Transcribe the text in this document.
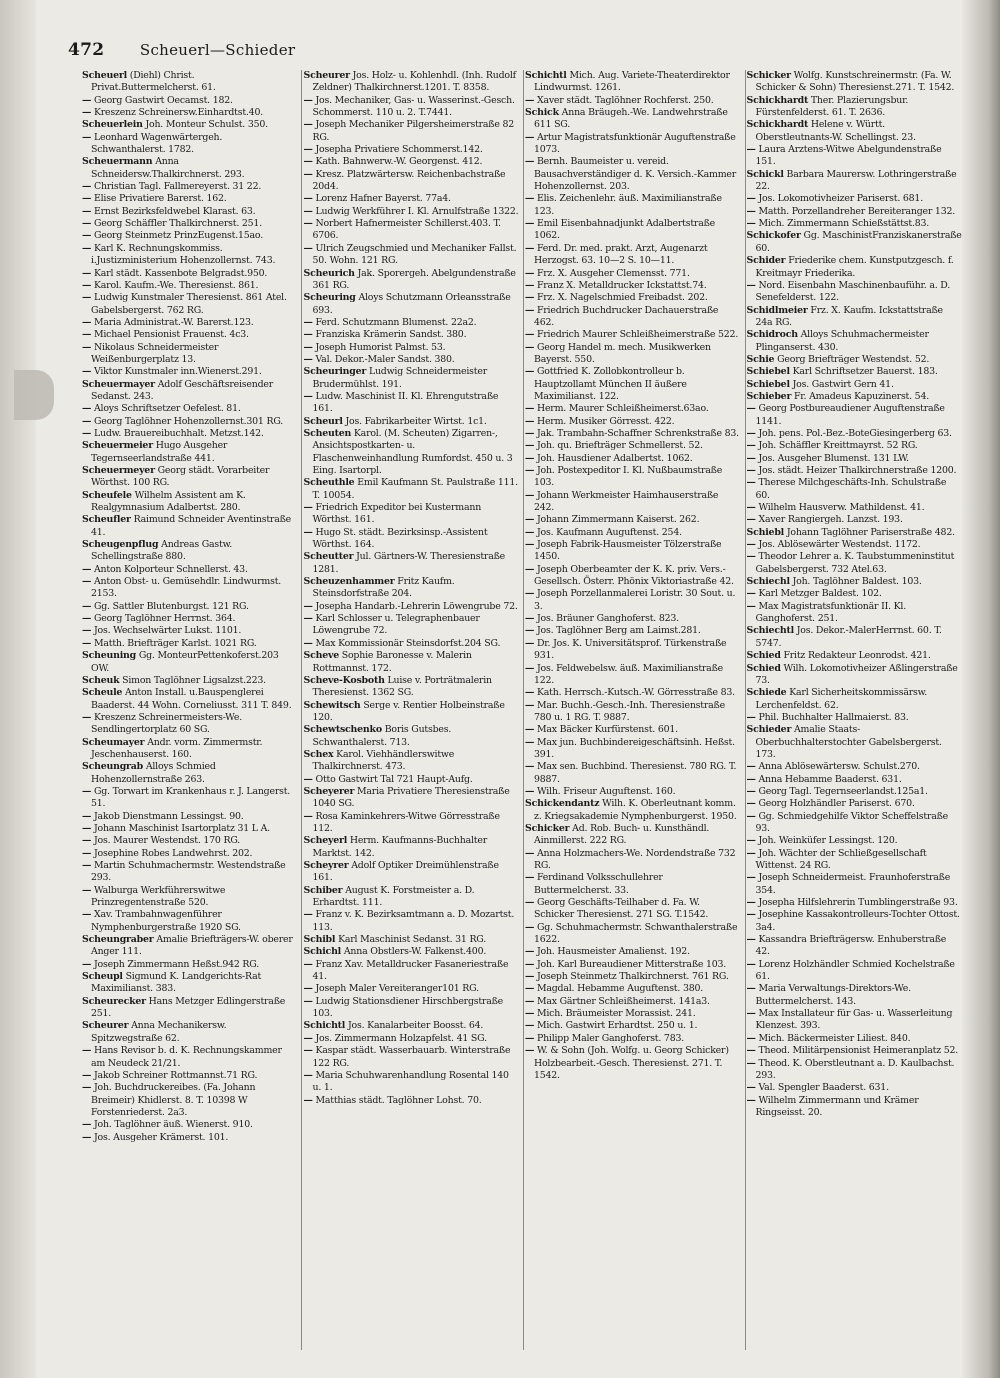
472 Scheuerl—Schieder

Scheuerl (Diehl) Christ. Privat.Buttermelcherst. 61.

— Georg Gastwirt Oecamst. 182.

— Kreszenz Schreinersw.Einhardtst.40.

Scheuerlein Joh. Monteur Schulst. 350.

— Leonhard Wagenwärtergeh. Schwanthalerst. 1782.

Scheuermann Anna Schneidersw.Thalkirchnerst. 293.

— Christian Tagl. Fallmereyerst. 31 22.

— Elise Privatiere Barerst. 162.

— Ernst Bezirksfeldwebel Klarast. 63.

— Georg Schäffler Thalkirchnerst. 251.

— Georg Steinmetz PrinzEugenst.15ao.

— Karl K. Rechnungskommiss. i.Justizministerium Hohenzollernst. 743.

— Karl städt. Kassenbote Belgradst.950.

— Karol. Kaufm.-We. Theresienst. 861.

— Ludwig Kunstmaler Theresienst. 861 Atel. Gabelsbergerst. 762 RG.

— Maria Administrat.-W. Barerst.123.

— Michael Pensionist Frauenst. 4c3.

— Nikolaus Schneidermeister Weißenburgerplatz 13.

— Viktor Kunstmaler inn.Wienerst.291.

Scheuermayer Adolf Geschäftsreisender Sedanst. 243.

— Aloys Schriftsetzer Oefelest. 81.

— Georg Taglöhner Hohenzollernst.301 RG.

— Ludw. Brauereibuchhalt. Metzst.142.

Scheuermeier Hugo Ausgeher Tegernseerlandstraße 441.

Scheuermeyer Georg städt. Vorarbeiter Wörthst. 100 RG.

Scheufele Wilhelm Assistent am K. Realgymnasium Adalbertst. 280.

Scheufler Raimund Schneider Aventinstraße 41.

Scheugenpflug Andreas Gastw. Schellingstraße 880.

— Anton Kolporteur Schnellerst. 43.

— Anton Obst- u. Gemüsehdlr. Lindwurmst. 2153.

— Gg. Sattler Blutenburgst. 121 RG.

— Georg Taglöhner Herrnst. 364.

— Jos. Wechselwärter Lukst. 1101.

— Matth. Briefträger Karlst. 1021 RG.

Scheuning Gg. MonteurPettenkoferst.203 OW.

Scheuk Simon Taglöhner Ligsalzst.223.

Scheule Anton Install. u.Bauspenglerei Baaderst. 44 Wohn. Corneliusst. 311 T. 849.

— Kreszenz Schreinermeisters-We. Sendlingertorplatz 60 SG.

Scheumayer Andr. vorm. Zimmermstr. Jeschenhauserst. 160.

Scheungrab Alloys Schmied Hohenzollernstraße 263.

— Gg. Torwart im Krankenhaus r. J. Langerst. 51.

— Jakob Dienstmann Lessingst. 90.

— Johann Maschinist Isartorplatz 31 L A.

— Jos. Maurer Westendst. 170 RG.

— Josephine Robes Landwehrst. 202.

— Martin Schuhmachermstr. Westendstraße 293.

— Walburga Werkführerswitwe Prinzregentenstraße 520.

— Xav. Trambahnwagenführer Nymphenburgerstraße 1920 SG.

Scheungraber Amalie Briefträgers-W. oberer Anger 111.

— Joseph Zimmermann Heßst.942 RG.

Scheupl Sigmund K. Landgerichts-Rat Maximilianst. 383.

Scheurecker Hans Metzger Edlingerstraße 251.

Scheurer Anna Mechanikersw. Spitzwegstraße 62.

— Hans Revisor b. d. K. Rechnungskammer am Neudeck 21/21.

— Jakob Schreiner Rottmannst.71 RG.

— Joh. Buchdruckereibes. (Fa. Johann Breimeir) Khidlerst. 8. T. 10398 W Forstenriederst. 2a3.

— Joh. Taglöhner äuß. Wienerst. 910.

— Jos. Ausgeher Krämerst. 101.

Scheurer Jos. Holz- u. Kohlenhdl. (Inh. Rudolf Zeldner) Thalkirchnerst.1201. T. 8358.

— Jos. Mechaniker, Gas- u. Wasserinst.-Gesch. Schommerst. 110 u. 2. T.7441.

— Joseph Mechaniker Pilgersheimerstraße 82 RG.

— Josepha Privatiere Schommerst.142.

— Kath. Bahnwerw.-W. Georgenst. 412.

— Kresz. Platzwärtersw. Reichenbachstraße 20d4.

— Lorenz Hafner Bayerst. 77a4.

— Ludwig Werkführer I. Kl. Arnulfstraße 1322.

— Norbert Hafnermeister Schillerst.403. T. 6706.

— Ulrich Zeugschmied und Mechaniker Fallst. 50. Wohn. 121 RG.

Scheurich Jak. Sporergeh. Abelgundenstraße 361 RG.

Scheuring Aloys Schutzmann Orleansstraße 693.

— Ferd. Schutzmann Blumenst. 22a2.

— Franziska Krämerin Sandst. 380.

— Joseph Humorist Palmst. 53.

— Val. Dekor.-Maler Sandst. 380.

Scheuringer Ludwig Schneidermeister Brudermühlst. 191.

— Ludw. Maschinist II. Kl. Ehrengutstraße 161.

Scheurl Jos. Fabrikarbeiter Wirtst. 1c1.

Scheuten Karol. (M. Scheuten) Zigarren-, Ansichtspostkarten- u. Flaschenweinhandlung Rumfordst. 450 u. 3 Eing. Isartorpl.

Scheuthle Emil Kaufmann St. Paulstraße 111. T. 10054.

— Friedrich Expeditor bei Kustermann Wörthst. 161.

— Hugo St. städt. Bezirksinsp.-Assistent Wörthst. 164.

Scheutter Jul. Gärtners-W. Theresienstraße 1281.

Scheuzenhammer Fritz Kaufm. Steinsdorfstraße 204.

— Josepha Handarb.-Lehrerin Löwengrube 72.

— Karl Schlosser u. Telegraphenbauer Löwengrube 72.

— Max Kommissionär Steinsdorfst.204 SG.

Scheve Sophie Baronesse v. Malerin Rottmannst. 172.

Scheve-Kosboth Luise v. Porträtmalerin Theresienst. 1362 SG.

Schewitsch Serge v. Rentier Holbeinstraße 120.

Schewtschenko Boris Gutsbes. Schwanthalerst. 713.

Schex Karol. Viehhändlerswitwe Thalkirchnerst. 473.

— Otto Gastwirt Tal 721 Haupt-Aufg.

Scheyerer Maria Privatiere Theresienstraße 1040 SG.

— Rosa Kaminkehrers-Witwe Görresstraße 112.

Scheyerl Herm. Kaufmanns-Buchhalter Marktst. 142.

Scheyrer Adolf Optiker Dreimühlenstraße 161.

Schiber August K. Forstmeister a. D. Erhardtst. 111.

— Franz v. K. Bezirksamtmann a. D. Mozartst. 113.

Schibl Karl Maschinist Sedanst. 31 RG.

Schichl Anna Obstlers-W. Falkenst.400.

— Franz Xav. Metalldrucker Fasaneriestraße 41.

— Joseph Maler Vereiteranger101 RG.

— Ludwig Stationsdiener Hirschbergstraße 103.

Schichtl Jos. Kanalarbeiter Boosst. 64.

— Jos. Zimmermann Holzapfelst. 41 SG.

— Kaspar städt. Wasserbauarb. Winterstraße 122 RG.

— Maria Schuhwarenhandlung Rosental 140 u. 1.

— Matthias städt. Taglöhner Lohst. 70.

Schichtl Mich. Aug. Variete-Theaterdirektor Lindwurmst. 1261.

— Xaver städt. Taglöhner Rochferst. 250.

Schick Anna Bräugeh.-We. Landwehrstraße 611 SG.

— Artur Magistratsfunktionär Auguftenstraße 1073.

— Bernh. Baumeister u. vereid. Bausachverständiger d. K. Versich.-Kammer Hohenzollernst. 203.

— Elis. Zeichenlehr. äuß. Maximilianstraße 123.

— Emil Eisenbahnadjunkt Adalbertstraße 1062.

— Ferd. Dr. med. prakt. Arzt, Augenarzt Herzogst. 63. 10—2 S. 10—11.

— Frz. X. Ausgeher Clemensst. 771.

— Franz X. Metalldrucker Ickstattst.74.

— Frz. X. Nagelschmied Freibadst. 202.

— Friedrich Buchdrucker Dachauerstraße 462.

— Friedrich Maurer Schleißheimerstraße 522.

— Georg Handel m. mech. Musikwerken Bayerst. 550.

— Gottfried K. Zollobkontrolleur b. Hauptzollamt München II äußere Maximilianst. 122.

— Herm. Maurer Schleißheimerst.63ao.

— Herm. Musiker Görresst. 422.

— Jak. Trambahn-Schaffner Schrenkstraße 83.

— Joh. qu. Briefträger Schmellerst. 52.

— Joh. Hausdiener Adalbertst. 1062.

— Joh. Postexpeditor I. Kl. Nußbaumstraße 103.

— Johann Werkmeister Haimhauserstraße 242.

— Johann Zimmermann Kaiserst. 262.

— Jos. Kaufmann Auguftenst. 254.

— Joseph Fabrik-Hausmeister Tölzerstraße 1450.

— Joseph Oberbeamter der K. K. priv. Vers.-Gesellsch. Österr. Phönix Viktoriastraße 42.

— Joseph Porzellanmalerei Loristr. 30 Sout. u. 3.

— Jos. Bräuner Ganghoferst. 823.

— Jos. Taglöhner Berg am Laimst.281.

— Dr. Jos. K. Universitätsprof. Türkenstraße 931.

— Jos. Feldwebelsw. äuß. Maximilianstraße 122.

— Kath. Herrsch.-Kutsch.-W. Görresstraße 83.

— Mar. Buchh.-Gesch.-Inh. Theresienstraße 780 u. 1 RG. T. 9887.

— Max Bäcker Kurfürstenst. 601.

— Max jun. Buchbindereigeschäftsinh. Heßst. 391.

— Max sen. Buchbind. Theresienst. 780 RG. T. 9887.

— Wilh. Friseur Auguftenst. 160.

Schickendantz Wilh. K. Oberleutnant komm. z. Kriegsakademie Nymphenburgerst. 1950.

Schicker Ad. Rob. Buch- u. Kunsthändl. Ainmillerst. 222 RG.

— Anna Holzmachers-We. Nordendstraße 732 RG.

— Ferdinand Volksschullehrer Buttermelcherst. 33.

— Georg Geschäfts-Teilhaber d. Fa. W. Schicker Theresienst. 271 SG. T.1542.

— Gg. Schuhmachermstr. Schwanthalerstraße 1622.

— Joh. Hausmeister Amalienst. 192.

— Joh. Karl Bureaudiener Mitterstraße 103.

— Joseph Steinmetz Thalkirchnerst. 761 RG.

— Magdal. Hebamme Auguftenst. 380.

— Max Gärtner Schleißheimerst. 141a3.

— Mich. Bräumeister Morassist. 241.

— Mich. Gastwirt Erhardtst. 250 u. 1.

— Philipp Maler Ganghoferst. 783.

— W. & Sohn (Joh. Wolfg. u. Georg Schicker) Holzbearbeit.-Gesch. Theresienst. 271. T. 1542.

Schicker Wolfg. Kunstschreinermstr. (Fa. W. Schicker & Sohn) Theresienst.271. T. 1542.

Schickhardt Ther. Plazierungsbur. Fürstenfelderst. 61. T. 2636.

Schickhardt Helene v. Württ. Oberstleutnants-W. Schellingst. 23.

— Laura Arztens-Witwe Abelgundenstraße 151.

Schickl Barbara Maurersw. Lothringerstraße 22.

— Jos. Lokomotivheizer Pariserst. 681.

— Matth. Porzellandreher Bereiteranger 132.

— Mich. Zimmermann Schießstättst.83.

Schickofer Gg. MaschinistFranziskanerstraße 60.

Schider Friederike chem. Kunstputzgesch. f. Kreitmayr Friederika.

— Nord. Eisenbahn Maschinenbauführ. a. D. Senefelderst. 122.

Schidlmeier Frz. X. Kaufm. Ickstattstraße 24a RG.

Schidroch Alloys Schuhmachermeister Plinganserst. 430.

Schie Georg Briefträger Westendst. 52.

Schiebel Karl Schriftsetzer Bauerst. 183.

Schiebel Jos. Gastwirt Gern 41.

Schieber Fr. Amadeus Kapuzinerst. 54.

— Georg Postbureaudiener Auguftenstraße 1141.

— Joh. pens. Pol.-Bez.-BoteGiesingerberg 63.

— Joh. Schäffler Kreittmayrst. 52 RG.

— Jos. Ausgeher Blumenst. 131 LW.

— Jos. städt. Heizer Thalkirchnerstraße 1200.

— Therese Milchgeschäfts-Inh. Schulstraße 60.

— Wilhelm Hausverw. Mathildenst. 41.

— Xaver Rangiergeh. Lanzst. 193.

Schiebl Johann Taglöhner Pariserstraße 482.

— Jos. Ablösewärter Westendst. 1172.

— Theodor Lehrer a. K. Taubstummeninstitut Gabelsbergerst. 732 Atel.63.

Schiechl Joh. Taglöhner Baldest. 103.

— Karl Metzger Baldest. 102.

— Max Magistratsfunktionär II. Kl. Ganghoferst. 251.

Schiechtl Jos. Dekor.-MalerHerrnst. 60. T. 5747.

Schied Fritz Redakteur Leonrodst. 421.

Schied Wilh. Lokomotivheizer Aßlingerstraße 73.

Schiede Karl Sicherheitskommissärsw. Lerchenfeldst. 62.

— Phil. Buchhalter Hallmaierst. 83.

Schieder Amalie Staats-Oberbuchhalterstochter Gabelsbergerst. 173.

— Anna Ablösewärtersw. Schulst.270.

— Anna Hebamme Baaderst. 631.

— Georg Tagl. Tegernseerlandst.125a1.

— Georg Holzhändler Pariserst. 670.

— Gg. Schmiedgehilfe Viktor Scheffelstraße 93.

— Joh. Weinküfer Lessingst. 120.

— Joh. Wächter der Schließgesellschaft Wittenst. 24 RG.

— Joseph Schneidermeist. Fraunhoferstraße 354.

— Josepha Hilfslehrerin Tumblingerstraße 93.

— Josephine Kassakontrolleurs-Tochter Ottost. 3a4.

— Kassandra Briefträgersw. Enhuberstraße 42.

— Lorenz Holzhändler Schmied Kochelstraße 61.

— Maria Verwaltungs-Direktors-We. Buttermelcherst. 143.

— Max Installateur für Gas- u. Wasserleitung Klenzest. 393.

— Mich. Bäckermeister Liliest. 840.

— Theod. Militärpensionist Heimeranplatz 52.

— Theod. K. Oberstleutnant a. D. Kaulbachst. 293.

— Val. Spengler Baaderst. 631.

— Wilhelm Zimmermann und Krämer Ringseisst. 20.
